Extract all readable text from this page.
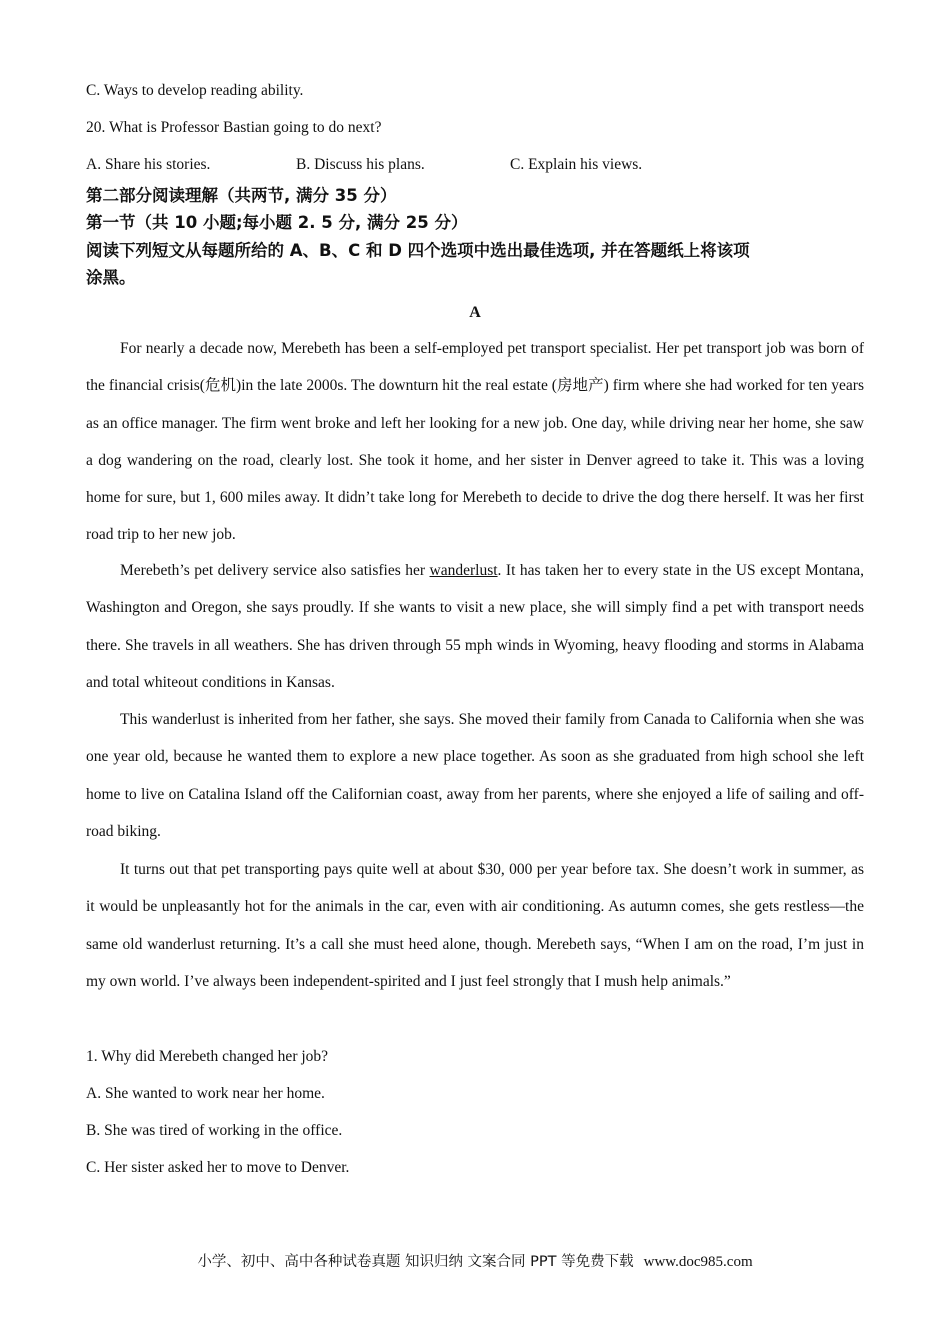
C. Ways to develop reading ability.
20. What is Professor Bastian going to do next?
A. Share his stories.	B. Discuss his plans.	C. Explain his views.
第二部分阅读理解（共两节, 满分 35 分）
第一节（共 10 小题;每小题 2. 5 分, 满分 25 分）
阅读下列短文从每题所给的 A、B、C 和 D 四个选项中选出最佳选项, 并在答题纸上将该项
涂黑。
A
For nearly a decade now, Merebeth has been a self-employed pet transport specialist. Her pet transport job was born of the financial crisis(危机)in the late 2000s. The downturn hit the real estate (房地产) firm where she had worked for ten years as an office manager. The firm went broke and left her looking for a new job. One day, while driving near her home, she saw a dog wandering on the road, clearly lost. She took it home, and her sister in Denver agreed to take it. This was a loving home for sure, but 1, 600 miles away. It didn’t take long for Merebeth to decide to drive the dog there herself. It was her first road trip to her new job.
Merebeth’s pet delivery service also satisfies her wanderlust. It has taken her to every state in the US except Montana, Washington and Oregon, she says proudly. If she wants to visit a new place, she will simply find a pet with transport needs there. She travels in all weathers. She has driven through 55 mph winds in Wyoming, heavy flooding and storms in Alabama and total whiteout conditions in Kansas.
This wanderlust is inherited from her father, she says. She moved their family from Canada to California when she was one year old, because he wanted them to explore a new place together. As soon as she graduated from high school she left home to live on Catalina Island off the Californian coast, away from her parents, where she enjoyed a life of sailing and off-road biking.
It turns out that pet transporting pays quite well at about $30, 000 per year before tax. She doesn’t work in summer, as it would be unpleasantly hot for the animals in the car, even with air conditioning. As autumn comes, she gets restless—the same old wanderlust returning. It’s a call she must heed alone, though. Merebeth says, “When I am on the road, I’m just in my own world. I’ve always been independent-spirited and I just feel strongly that I mush help animals.”
1. Why did Merebeth changed her job?
A. She wanted to work near her home.
B. She was tired of working in the office.
C. Her sister asked her to move to Denver.
小学、初中、高中各种试卷真题 知识归纳 文案合同 PPT 等免费下载 www.doc985.com
